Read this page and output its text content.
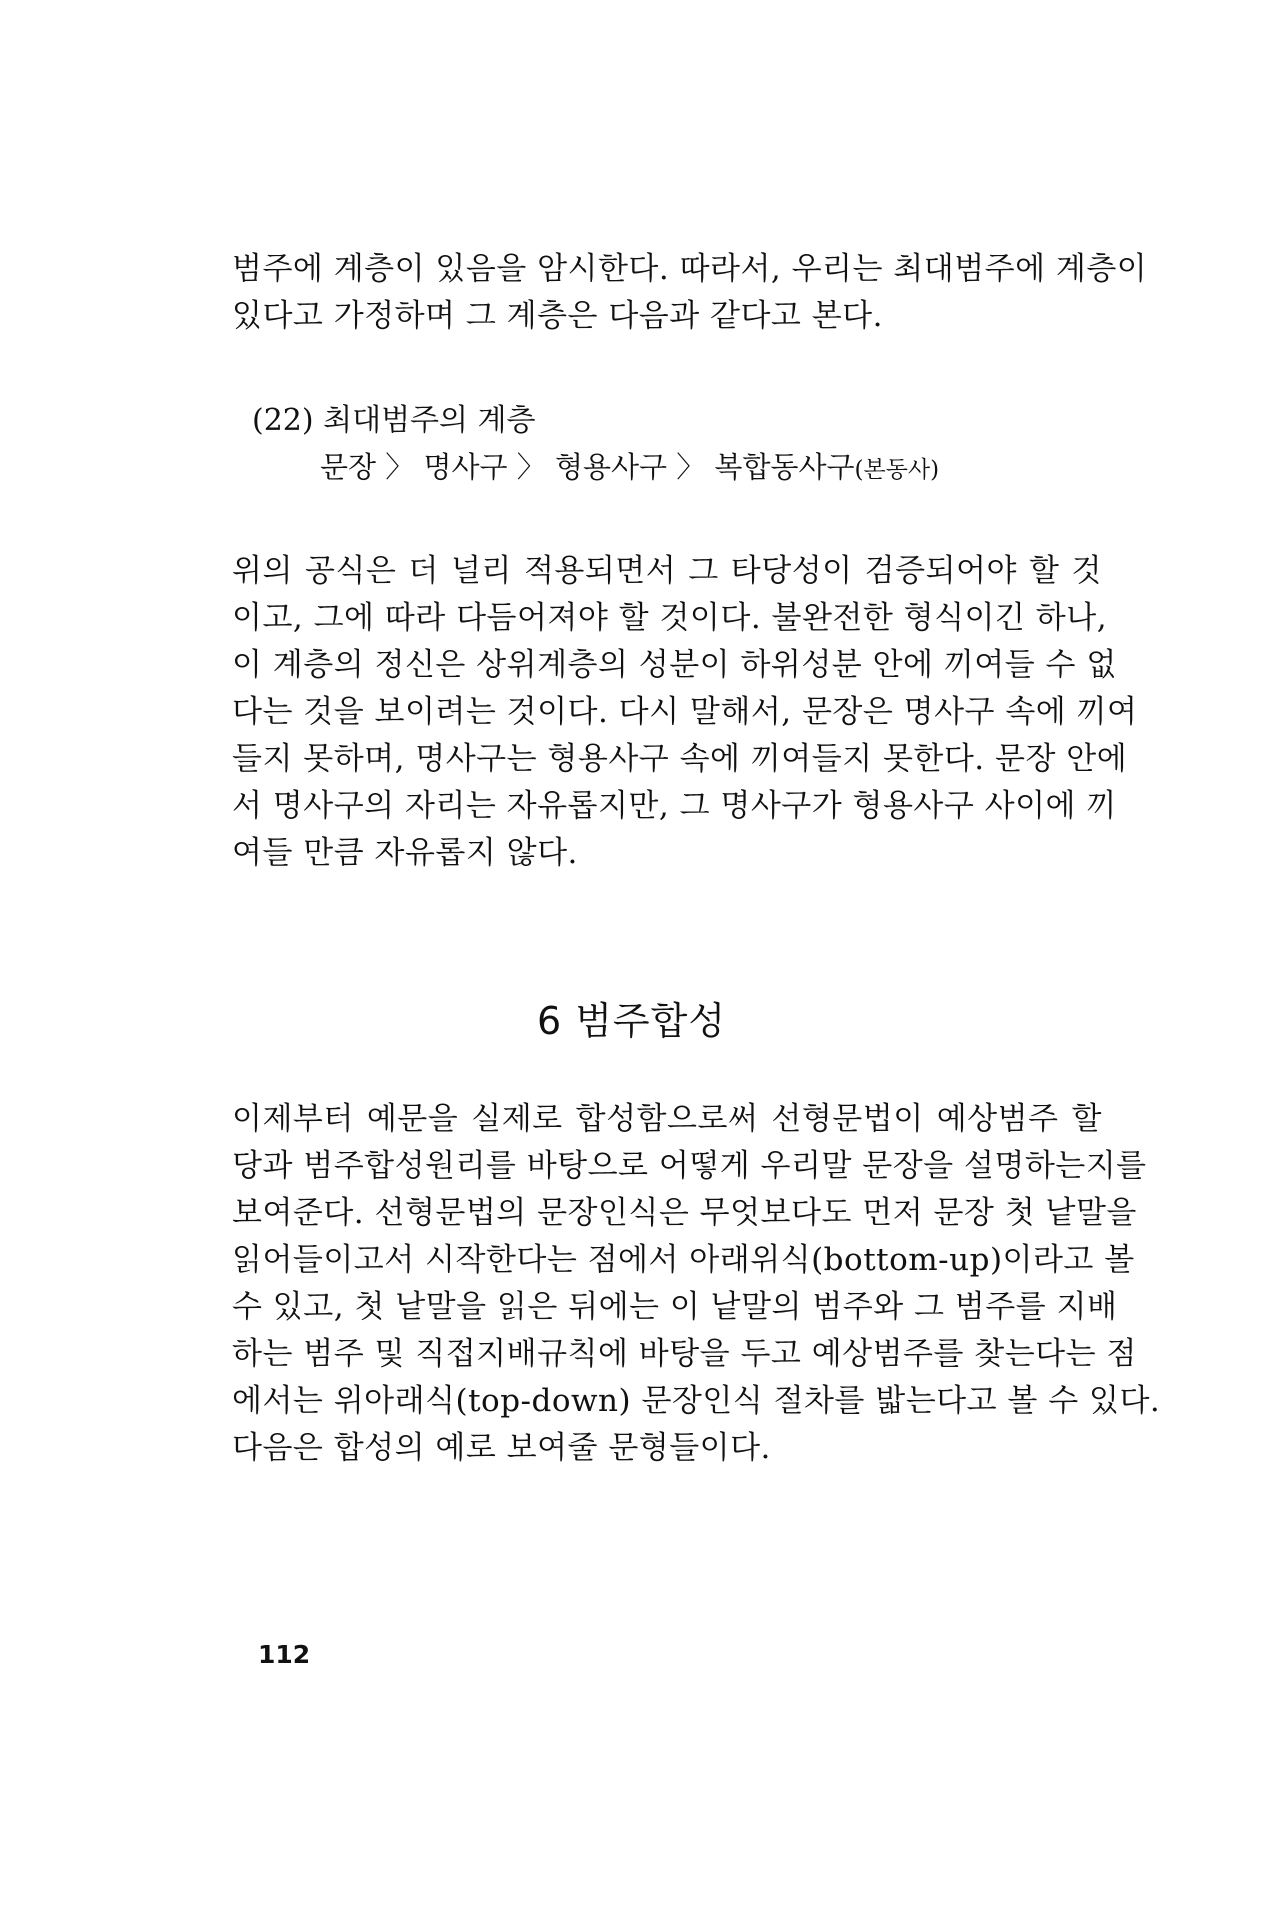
범주에 계층이 있음을 암시한다. 따라서, 우리는 최대범주에 계층이
있다고 가정하며 그 계층은 다음과 같다고 본다.
(22) 최대범주의 계층
문장 〉 명사구 〉 형용사구 〉 복합동사구(본동사)
위의 공식은 더 널리 적용되면서 그 타당성이 검증되어야 할 것
이고, 그에 따라 다듬어져야 할 것이다. 불완전한 형식이긴 하나,
이 계층의 정신은 상위계층의 성분이 하위성분 안에 끼여들 수 없
다는 것을 보이려는 것이다. 다시 말해서, 문장은 명사구 속에 끼여
들지 못하며, 명사구는 형용사구 속에 끼여들지 못한다. 문장 안에
서 명사구의 자리는 자유롭지만, 그 명사구가 형용사구 사이에 끼
여들 만큼 자유롭지 않다.
6 범주합성
이제부터 예문을 실제로 합성함으로써 선형문법이 예상범주 할
당과 범주합성원리를 바탕으로 어떻게 우리말 문장을 설명하는지를
보여준다. 선형문법의 문장인식은 무엇보다도 먼저 문장 첫 낱말을
읽어들이고서 시작한다는 점에서 아래위식(bottom-up)이라고 볼
수 있고, 첫 낱말을 읽은 뒤에는 이 낱말의 범주와 그 범주를 지배
하는 범주 및 직접지배규칙에 바탕을 두고 예상범주를 찾는다는 점
에서는 위아래식(top-down) 문장인식 절차를 밟는다고 볼 수 있다.
다음은 합성의 예로 보여줄 문형들이다.
112
